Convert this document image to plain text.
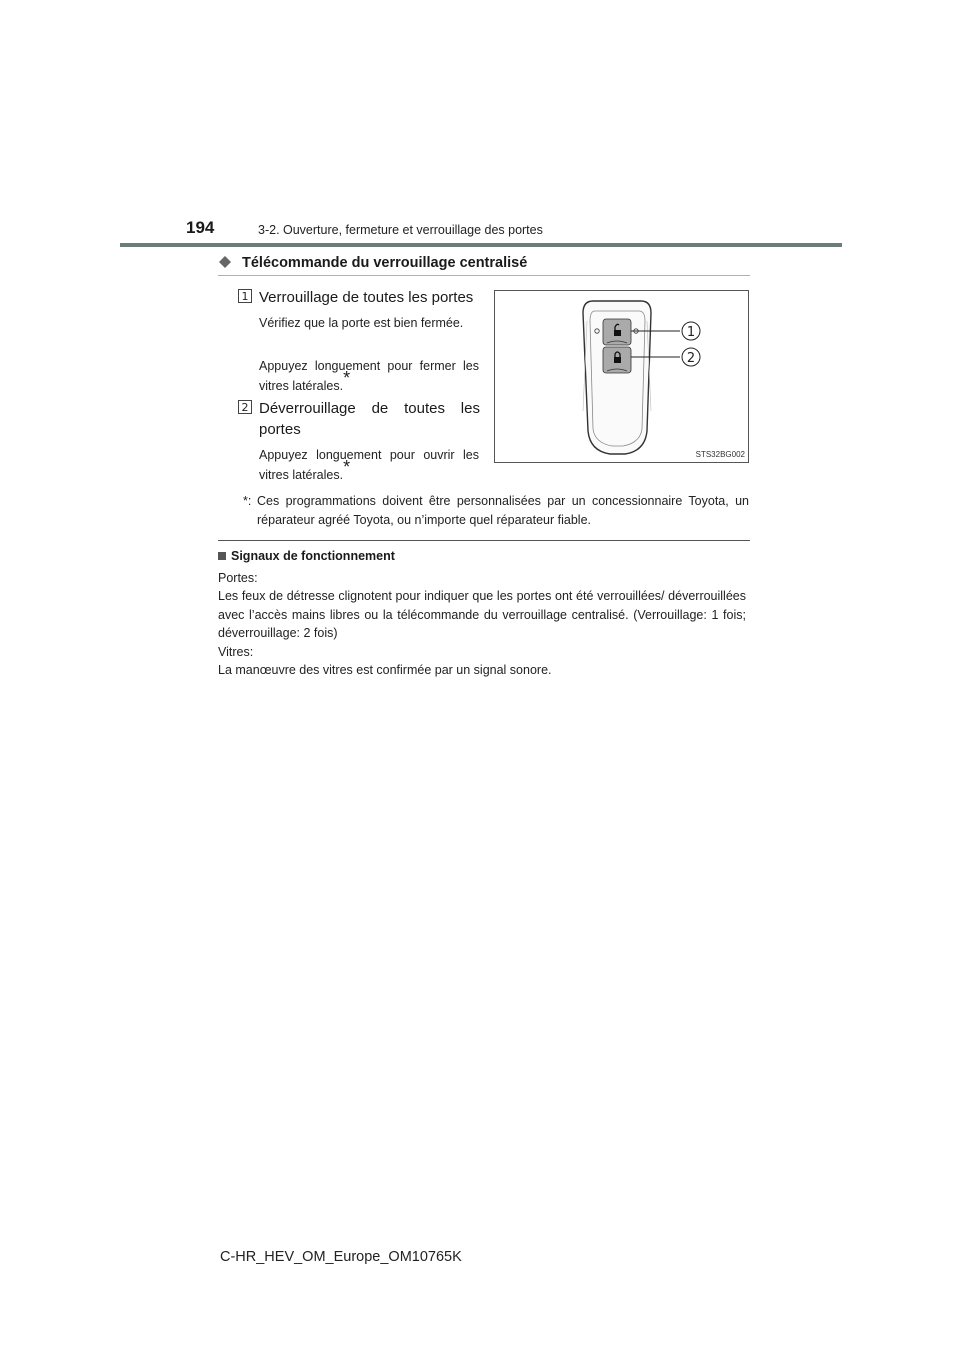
194	3-2. Ouverture, fermeture et verrouillage des portes
Télécommande du verrouillage centralisé
1 Verrouillage de toutes les portes
Vérifiez que la porte est bien fermée.
Appuyez longuement pour fermer les vitres latérales.*
2 Déverrouillage de toutes les
portes
Appuyez longuement pour ouvrir les vitres latérales.*
1
2
STS32BG002
*: Ces programmations doivent être personnalisées par un concessionnaire Toyota, un réparateur agréé Toyota, ou n’importe quel réparateur fiable.
Signaux de fonctionnement
Portes:
Les feux de détresse clignotent pour indiquer que les portes ont été verrouillées/ déverrouillées avec l’accès mains libres ou la télécommande du verrouillage centralisé. (Verrouillage: 1 fois; déverrouillage: 2 fois)
Vitres:
La manœuvre des vitres est confirmée par un signal sonore.
C-HR_HEV_OM_Europe_OM10765K
